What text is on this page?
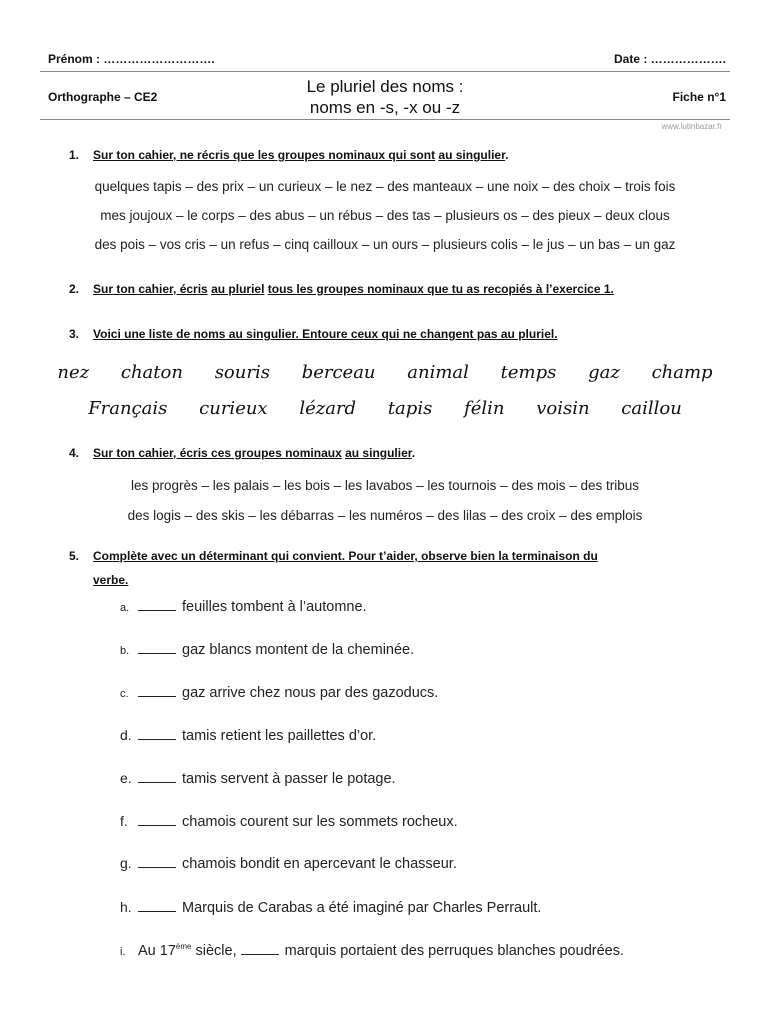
Prénom : ……………………….	Date : ……………….
Orthographe – CE2
Le pluriel des noms :
noms en -s, -x ou -z
Fiche n°1
www.lutinbazar.fr
1. Sur ton cahier, ne récris que les groupes nominaux qui sont au singulier.
quelques tapis – des prix – un curieux – le nez – des manteaux – une noix – des choix – trois fois
mes joujoux – le corps – des abus – un rébus – des tas – plusieurs os – des pieux – deux clous
des pois – vos cris – un refus – cinq cailloux – un ours – plusieurs colis – le jus – un bas – un gaz
2. Sur ton cahier, écris au pluriel tous les groupes nominaux que tu as recopiés à l’exercice 1.
3. Voici une liste de noms au singulier. Entoure ceux qui ne changent pas au pluriel.
nez chaton souris berceau animal temps gaz champ
Français curieux lézard tapis félin voisin caillou
4. Sur ton cahier, écris ces groupes nominaux au singulier.
les progrès – les palais – les bois – les lavabos – les tournois – des mois – des tribus
des logis – des skis – les débarras – les numéros – des lilas – des croix – des emplois
5. Complète avec un déterminant qui convient. Pour t’aider, observe bien la terminaison du
verbe.
a.	feuilles tombent à l’automne.
b.	gaz blancs montent de la cheminée.
c.	gaz arrive chez nous par des gazoducs.
d.	tamis retient les paillettes d’or.
e.	tamis servent à passer le potage.
f.	chamois courent sur les sommets rocheux.
g.	chamois bondit en apercevant le chasseur.
h.	Marquis de Carabas a été imaginé par Charles Perrault.
i. Au 17ème siècle,	marquis portaient des perruques blanches poudrées.
